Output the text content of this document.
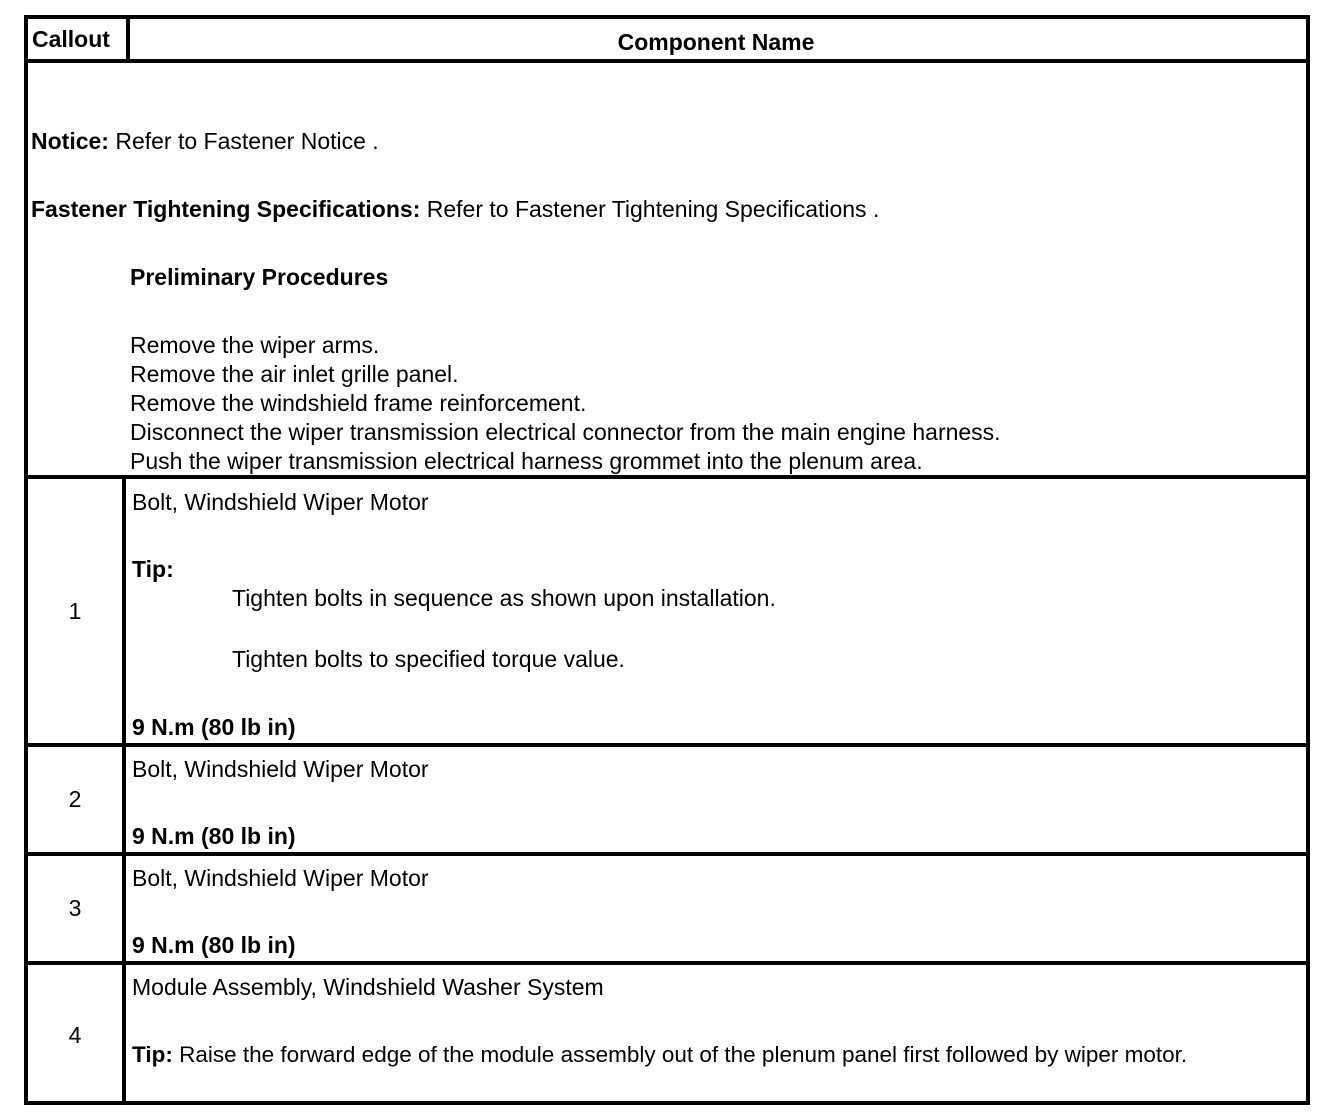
Callout	Component Name
Notice: Refer to Fastener Notice .
Fastener Tightening Specifications: Refer to Fastener Tightening Specifications .
Preliminary Procedures
Remove the wiper arms.
Remove the air inlet grille panel.
Remove the windshield frame reinforcement.
Disconnect the wiper transmission electrical connector from the main engine harness.
Push the wiper transmission electrical harness grommet into the plenum area.
1
Bolt, Windshield Wiper Motor
Tip:
Tighten bolts in sequence as shown upon installation.
Tighten bolts to specified torque value.
9 N.m (80 lb in)
2
Bolt, Windshield Wiper Motor
9 N.m (80 lb in)
3
Bolt, Windshield Wiper Motor
9 N.m (80 lb in)
4
Module Assembly, Windshield Washer System
Tip: Raise the forward edge of the module assembly out of the plenum panel first followed by wiper motor.
